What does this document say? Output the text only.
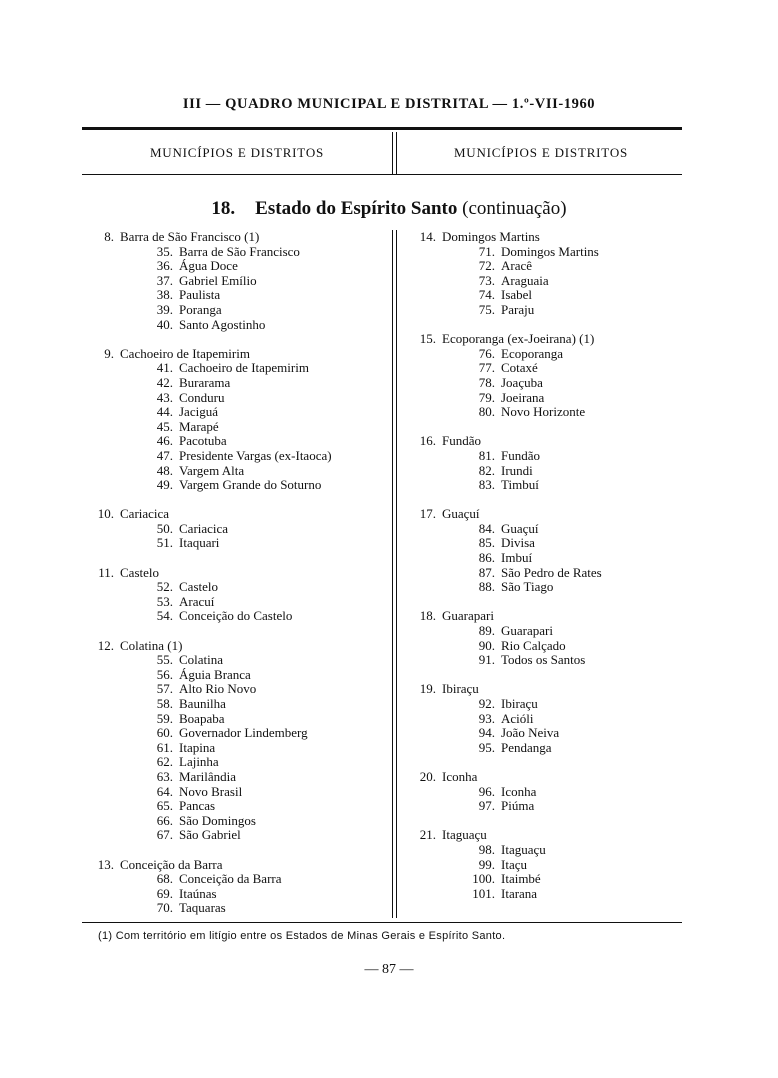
III — QUADRO MUNICIPAL E DISTRITAL — 1.º-VII-1960
MUNICÍPIOS E DISTRITOS	MUNICÍPIOS E DISTRITOS
18. Estado do Espírito Santo (continuação)
8. Barra de São Francisco (1)
35. Barra de São Francisco
36. Água Doce
37. Gabriel Emílio
38. Paulista
39. Poranga
40. Santo Agostinho
9. Cachoeiro de Itapemirim
41. Cachoeiro de Itapemirim
42. Burarama
43. Conduru
44. Jaciguá
45. Marapé
46. Pacotuba
47. Presidente Vargas (ex-Itaoca)
48. Vargem Alta
49. Vargem Grande do Soturno
10. Cariacica
50. Cariacica
51. Itaquari
11. Castelo
52. Castelo
53. Aracuí
54. Conceição do Castelo
12. Colatina (1)
55. Colatina
56. Águia Branca
57. Alto Rio Novo
58. Baunilha
59. Boapaba
60. Governador Lindemberg
61. Itapina
62. Lajinha
63. Marilândia
64. Novo Brasil
65. Pancas
66. São Domingos
67. São Gabriel
13. Conceição da Barra
68. Conceição da Barra
69. Itaúnas
70. Taquaras
14. Domingos Martins
71. Domingos Martins
72. Aracê
73. Araguaia
74. Isabel
75. Paraju
15. Ecoporanga (ex-Joeirana) (1)
76. Ecoporanga
77. Cotaxé
78. Joaçuba
79. Joeirana
80. Novo Horizonte
16. Fundão
81. Fundão
82. Irundi
83. Timbuí
17. Guaçuí
84. Guaçuí
85. Divisa
86. Imbuí
87. São Pedro de Rates
88. São Tiago
18. Guarapari
89. Guarapari
90. Rio Calçado
91. Todos os Santos
19. Ibiraçu
92. Ibiraçu
93. Acióli
94. João Neiva
95. Pendanga
20. Iconha
96. Iconha
97. Piúma
21. Itaguaçu
98. Itaguaçu
99. Itaçu
100. Itaimbé
101. Itarana
(1) Com território em litígio entre os Estados de Minas Gerais e Espírito Santo.
— 87 —
